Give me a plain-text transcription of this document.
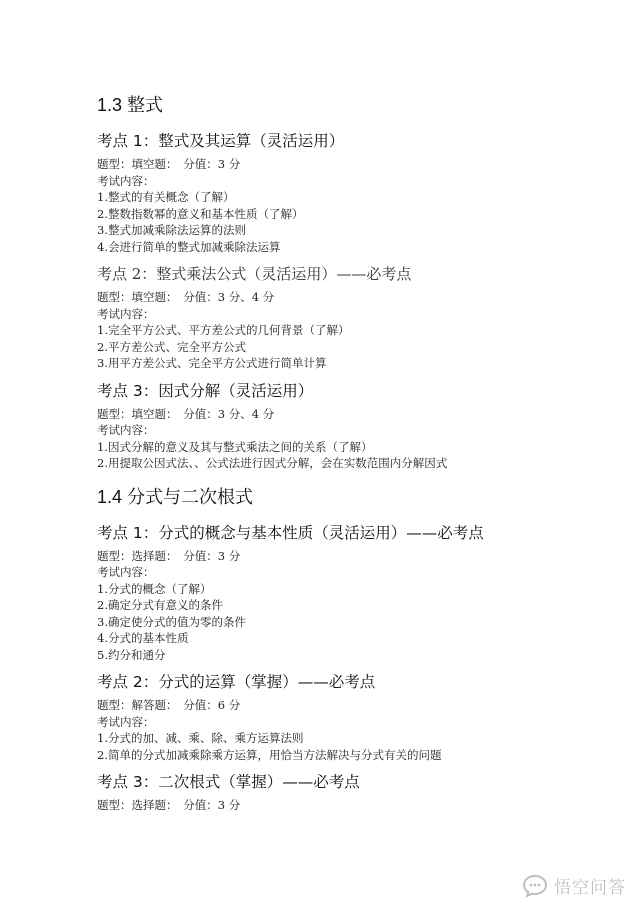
1.3 整式
考点 1：整式及其运算（灵活运用）
题型：填空题：　分值：3 分
考试内容：
1.整式的有关概念（了解）
2.整数指数幂的意义和基本性质（了解）
3.整式加减乘除法运算的法则
4.会进行简单的整式加减乘除法运算
考点 2：整式乘法公式（灵活运用）——必考点
题型：填空题：　分值：3 分、4 分
考试内容：
1.完全平方公式、平方差公式的几何背景（了解）
2.平方差公式、完全平方公式
3.用平方差公式、完全平方公式进行简单计算
考点 3：因式分解（灵活运用）
题型：填空题：　分值：3 分、4 分
考试内容：
1.因式分解的意义及其与整式乘法之间的关系（了解）
2.用提取公因式法、、公式法进行因式分解，会在实数范围内分解因式
1.4 分式与二次根式
考点 1：分式的概念与基本性质（灵活运用）——必考点
题型：选择题：　分值：3 分
考试内容：
1.分式的概念（了解）
2.确定分式有意义的条件
3.确定使分式的值为零的条件
4.分式的基本性质
5.约分和通分
考点 2：分式的运算（掌握）——必考点
题型：解答题：　分值：6 分
考试内容：
1.分式的加、减、乘、除、乘方运算法则
2.简单的分式加减乘除乘方运算，用恰当方法解决与分式有关的问题
考点 3：二次根式（掌握）——必考点
题型：选择题：　分值：3 分
悟空问答
